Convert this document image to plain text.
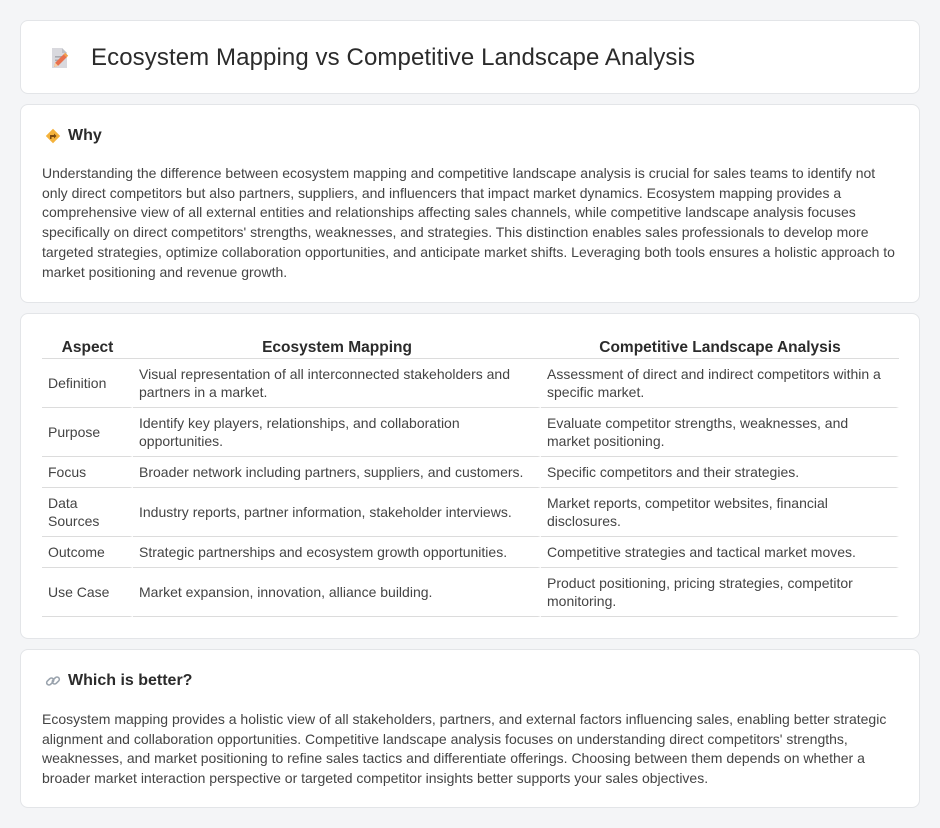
Ecosystem Mapping vs Competitive Landscape Analysis
Why

Understanding the difference between ecosystem mapping and competitive landscape analysis is crucial for sales teams to identify not only direct competitors but also partners, suppliers, and influencers that impact market dynamics. Ecosystem mapping provides a comprehensive view of all external entities and relationships affecting sales channels, while competitive landscape analysis focuses specifically on direct competitors' strengths, weaknesses, and strategies. This distinction enables sales professionals to develop more targeted strategies, optimize collaboration opportunities, and anticipate market shifts. Leveraging both tools ensures a holistic approach to market positioning and revenue growth.

Aspect	Ecosystem Mapping	Competitive Landscape Analysis
Definition	Visual representation of all interconnected stakeholders and partners in a market.	Assessment of direct and indirect competitors within a specific market.
Purpose	Identify key players, relationships, and collaboration opportunities.	Evaluate competitor strengths, weaknesses, and market positioning.
Focus	Broader network including partners, suppliers, and customers.	Specific competitors and their strategies.
Data Sources	Industry reports, partner information, stakeholder interviews.	Market reports, competitor websites, financial disclosures.
Outcome	Strategic partnerships and ecosystem growth opportunities.	Competitive strategies and tactical market moves.
Use Case	Market expansion, innovation, alliance building.	Product positioning, pricing strategies, competitor monitoring.
Which is better?

Ecosystem mapping provides a holistic view of all stakeholders, partners, and external factors influencing sales, enabling better strategic alignment and collaboration opportunities. Competitive landscape analysis focuses on understanding direct competitors' strengths, weaknesses, and market positioning to refine sales tactics and differentiate offerings. Choosing between them depends on whether a broader market interaction perspective or targeted competitor insights better supports your sales objectives.
